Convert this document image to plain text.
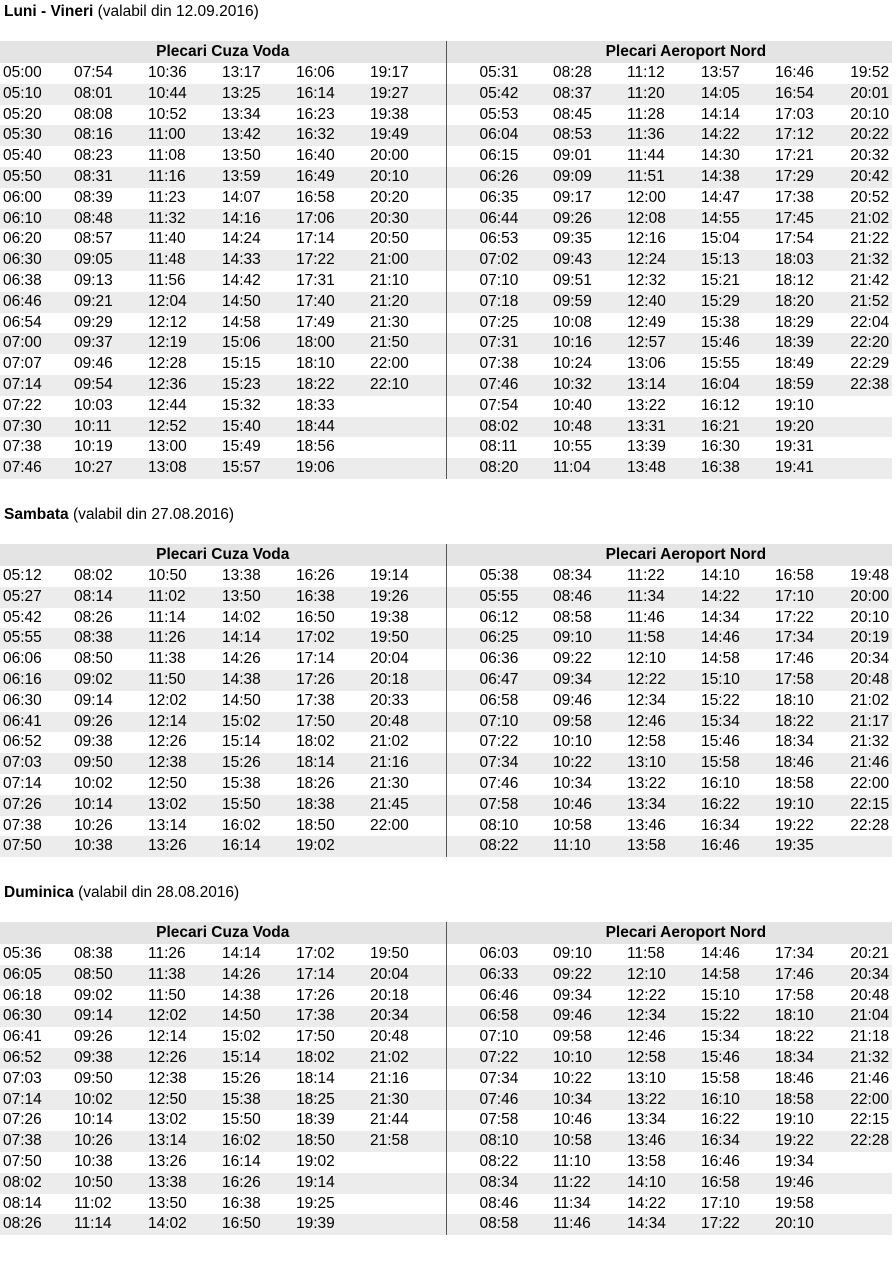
Luni - Vineri (valabil din 12.09.2016)
Plecari Cuza Voda						Plecari Aeroport Nord					
05:00	07:54	10:36	13:17	16:06	19:17	05:31	08:28	11:12	13:57	16:46	19:52
05:10	08:01	10:44	13:25	16:14	19:27	05:42	08:37	11:20	14:05	16:54	20:01
05:20	08:08	10:52	13:34	16:23	19:38	05:53	08:45	11:28	14:14	17:03	20:10
05:30	08:16	11:00	13:42	16:32	19:49	06:04	08:53	11:36	14:22	17:12	20:22
05:40	08:23	11:08	13:50	16:40	20:00	06:15	09:01	11:44	14:30	17:21	20:32
05:50	08:31	11:16	13:59	16:49	20:10	06:26	09:09	11:51	14:38	17:29	20:42
06:00	08:39	11:23	14:07	16:58	20:20	06:35	09:17	12:00	14:47	17:38	20:52
06:10	08:48	11:32	14:16	17:06	20:30	06:44	09:26	12:08	14:55	17:45	21:02
06:20	08:57	11:40	14:24	17:14	20:50	06:53	09:35	12:16	15:04	17:54	21:22
06:30	09:05	11:48	14:33	17:22	21:00	07:02	09:43	12:24	15:13	18:03	21:32
06:38	09:13	11:56	14:42	17:31	21:10	07:10	09:51	12:32	15:21	18:12	21:42
06:46	09:21	12:04	14:50	17:40	21:20	07:18	09:59	12:40	15:29	18:20	21:52
06:54	09:29	12:12	14:58	17:49	21:30	07:25	10:08	12:49	15:38	18:29	22:04
07:00	09:37	12:19	15:06	18:00	21:50	07:31	10:16	12:57	15:46	18:39	22:20
07:07	09:46	12:28	15:15	18:10	22:00	07:38	10:24	13:06	15:55	18:49	22:29
07:14	09:54	12:36	15:23	18:22	22:10	07:46	10:32	13:14	16:04	18:59	22:38
07:22	10:03	12:44	15:32	18:33		07:54	10:40	13:22	16:12	19:10	
07:30	10:11	12:52	15:40	18:44		08:02	10:48	13:31	16:21	19:20	
07:38	10:19	13:00	15:49	18:56		08:11	10:55	13:39	16:30	19:31	
07:46	10:27	13:08	15:57	19:06		08:20	11:04	13:48	16:38	19:41	
Sambata (valabil din 27.08.2016)
Plecari Cuza Voda						Plecari Aeroport Nord					
05:12	08:02	10:50	13:38	16:26	19:14	05:38	08:34	11:22	14:10	16:58	19:48
05:27	08:14	11:02	13:50	16:38	19:26	05:55	08:46	11:34	14:22	17:10	20:00
05:42	08:26	11:14	14:02	16:50	19:38	06:12	08:58	11:46	14:34	17:22	20:10
05:55	08:38	11:26	14:14	17:02	19:50	06:25	09:10	11:58	14:46	17:34	20:19
06:06	08:50	11:38	14:26	17:14	20:04	06:36	09:22	12:10	14:58	17:46	20:34
06:16	09:02	11:50	14:38	17:26	20:18	06:47	09:34	12:22	15:10	17:58	20:48
06:30	09:14	12:02	14:50	17:38	20:33	06:58	09:46	12:34	15:22	18:10	21:02
06:41	09:26	12:14	15:02	17:50	20:48	07:10	09:58	12:46	15:34	18:22	21:17
06:52	09:38	12:26	15:14	18:02	21:02	07:22	10:10	12:58	15:46	18:34	21:32
07:03	09:50	12:38	15:26	18:14	21:16	07:34	10:22	13:10	15:58	18:46	21:46
07:14	10:02	12:50	15:38	18:26	21:30	07:46	10:34	13:22	16:10	18:58	22:00
07:26	10:14	13:02	15:50	18:38	21:45	07:58	10:46	13:34	16:22	19:10	22:15
07:38	10:26	13:14	16:02	18:50	22:00	08:10	10:58	13:46	16:34	19:22	22:28
07:50	10:38	13:26	16:14	19:02		08:22	11:10	13:58	16:46	19:35	
Duminica (valabil din 28.08.2016)
Plecari Cuza Voda						Plecari Aeroport Nord					
05:36	08:38	11:26	14:14	17:02	19:50	06:03	09:10	11:58	14:46	17:34	20:21
06:05	08:50	11:38	14:26	17:14	20:04	06:33	09:22	12:10	14:58	17:46	20:34
06:18	09:02	11:50	14:38	17:26	20:18	06:46	09:34	12:22	15:10	17:58	20:48
06:30	09:14	12:02	14:50	17:38	20:34	06:58	09:46	12:34	15:22	18:10	21:04
06:41	09:26	12:14	15:02	17:50	20:48	07:10	09:58	12:46	15:34	18:22	21:18
06:52	09:38	12:26	15:14	18:02	21:02	07:22	10:10	12:58	15:46	18:34	21:32
07:03	09:50	12:38	15:26	18:14	21:16	07:34	10:22	13:10	15:58	18:46	21:46
07:14	10:02	12:50	15:38	18:25	21:30	07:46	10:34	13:22	16:10	18:58	22:00
07:26	10:14	13:02	15:50	18:39	21:44	07:58	10:46	13:34	16:22	19:10	22:15
07:38	10:26	13:14	16:02	18:50	21:58	08:10	10:58	13:46	16:34	19:22	22:28
07:50	10:38	13:26	16:14	19:02		08:22	11:10	13:58	16:46	19:34	
08:02	10:50	13:38	16:26	19:14		08:34	11:22	14:10	16:58	19:46	
08:14	11:02	13:50	16:38	19:25		08:46	11:34	14:22	17:10	19:58	
08:26	11:14	14:02	16:50	19:39		08:58	11:46	14:34	17:22	20:10	
